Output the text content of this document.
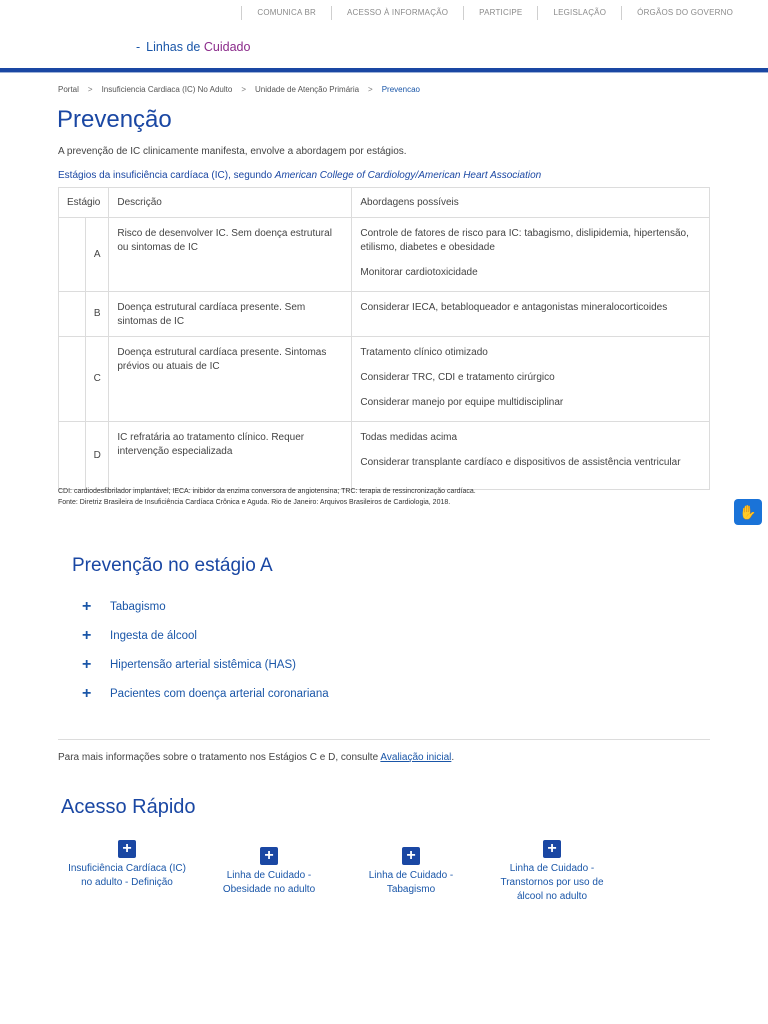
COMUNICA BR	ACESSO À INFORMAÇÃO	PARTICIPE	LEGISLAÇÃO	ÓRGÃOS DO GOVERNO
- Linhas de Cuidado
Portal > Insuficiencia Cardiaca (IC) No Adulto > Unidade de Atenção Primária > Prevencao
Prevenção

A prevenção de IC clinicamente manifesta, envolve a abordagem por estágios.

Estágios da insuficiência cardíaca (IC), segundo American College of Cardiology/American Heart Association

Estágio		Descrição	Abordagens possíveis
	A	Risco de desenvolver IC. Sem doença estrutural ou sintomas de IC	Controle de fatores de risco para IC: tabagismo, dislipidemia, hipertensão, etilismo, diabetes e obesidade

Monitorar cardiotoxicidade

	B	Doença estrutural cardíaca presente. Sem sintomas de IC	Considerar IECA, betabloqueador e antagonistas mineralocorticoides

	C	Doença estrutural cardíaca presente. Sintomas prévios ou atuais de IC	Tratamento clínico otimizado

Considerar TRC, CDI e tratamento cirúrgico

Considerar manejo por equipe multidisciplinar

	D	IC refratária ao tratamento clínico. Requer intervenção especializada	Todas medidas acima

Considerar transplante cardíaco e dispositivos de assistência ventricular

CDI: cardiodesfibrilador implantável; IECA: inibidor da enzima conversora de angiotensina; TRC: terapia de ressincronização cardíaca.
Fonte: Diretriz Brasileira de Insuficiência Cardíaca Crônica e Aguda. Rio de Janeiro: Arquivos Brasileiros de Cardiologia, 2018.
✋
Prevenção no estágio A
+	Tabagismo
+	Ingesta de álcool
+	Hipertensão arterial sistêmica (HAS)
+	Pacientes com doença arterial coronariana
Para mais informações sobre o tratamento nos Estágios C e D, consulte Avaliação inicial.
Acesso Rápido
+
Insuficiência Cardíaca (IC) no adulto - Definição
+
Linha de Cuidado - Obesidade no adulto
+
Linha de Cuidado - Tabagismo
+
Linha de Cuidado - Transtornos por uso de álcool no adulto
